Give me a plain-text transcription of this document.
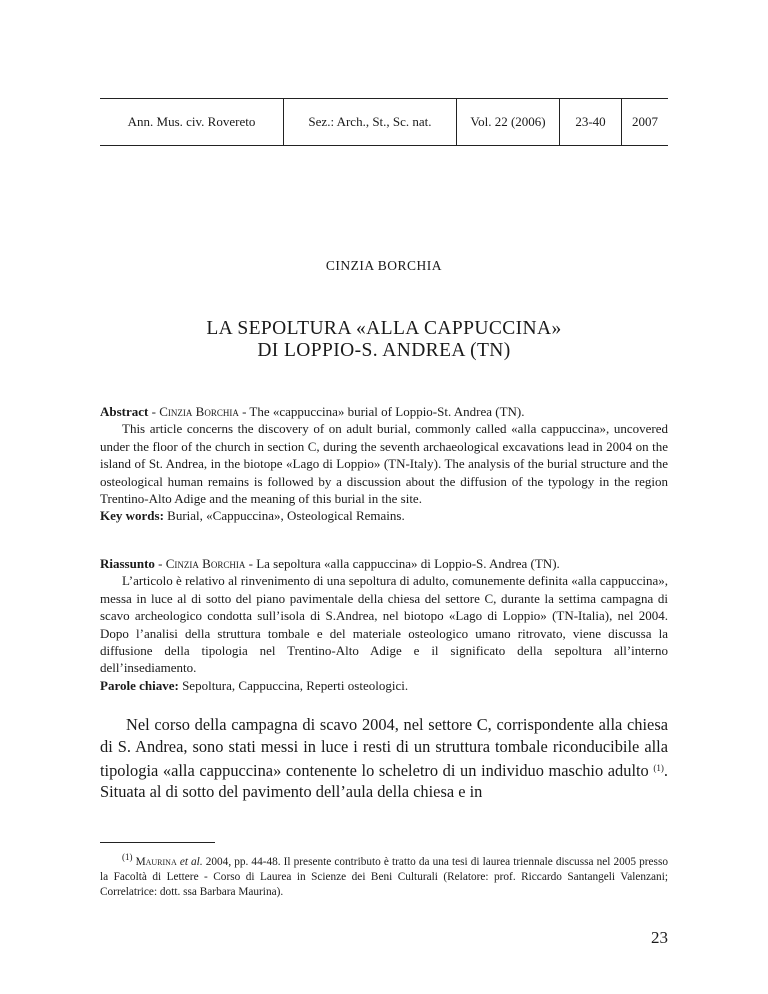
Ann. Mus. civ. Rovereto	Sez.: Arch., St., Sc. nat.	Vol. 22 (2006)	23-40	2007
CINZIA BORCHIA
LA SEPOLTURA «ALLA CAPPUCCINA»
DI LOPPIO-S. ANDREA (TN)

Abstract - Cinzia Borchia - The «cappuccina» burial of Loppio-St. Andrea (TN).

This article concerns the discovery of on adult burial, commonly called «alla cappuccina», uncovered under the floor of the church in section C, during the seventh archaeological excavations lead in 2004 on the island of St. Andrea, in the biotope «Lago di Loppio» (TN-Italy). The analysis of the burial structure and the osteological human remains is followed by a discussion about the diffusion of the typology in the region Trentino-Alto Adige and the meaning of this burial in the site.

Key words: Burial, «Cappuccina», Osteological Remains.

Riassunto - Cinzia Borchia - La sepoltura «alla cappuccina» di Loppio-S. Andrea (TN).

L’articolo è relativo al rinvenimento di una sepoltura di adulto, comunemente definita «alla cappuccina», messa in luce al di sotto del piano pavimentale della chiesa del settore C, durante la settima campagna di scavo archeologico condotta sull’isola di S.Andrea, nel biotopo «Lago di Loppio» (TN-Italia), nel 2004. Dopo l’analisi della struttura tombale e del materiale osteologico umano ritrovato, viene discussa la diffusione della tipologia nel Trentino-Alto Adige e il significato della sepoltura all’interno dell’insediamento.

Parole chiave: Sepoltura, Cappuccina, Reperti osteologici.

Nel corso della campagna di scavo 2004, nel settore C, corrispondente alla chiesa di S. Andrea, sono stati messi in luce i resti di un struttura tombale riconducibile alla tipologia «alla cappuccina» contenente lo scheletro di un individuo maschio adulto $^{(1)}$. Situata al di sotto del pavimento dell’aula della chiesa e in

$^{(1)}$ Maurina et al. 2004, pp. 44-48. Il presente contributo è tratto da una tesi di laurea triennale discussa nel 2005 presso la Facoltà di Lettere - Corso di Laurea in Scienze dei Beni Culturali (Relatore: prof. Riccardo Santangeli Valenzani; Correlatrice: dott. ssa Barbara Maurina).

23
